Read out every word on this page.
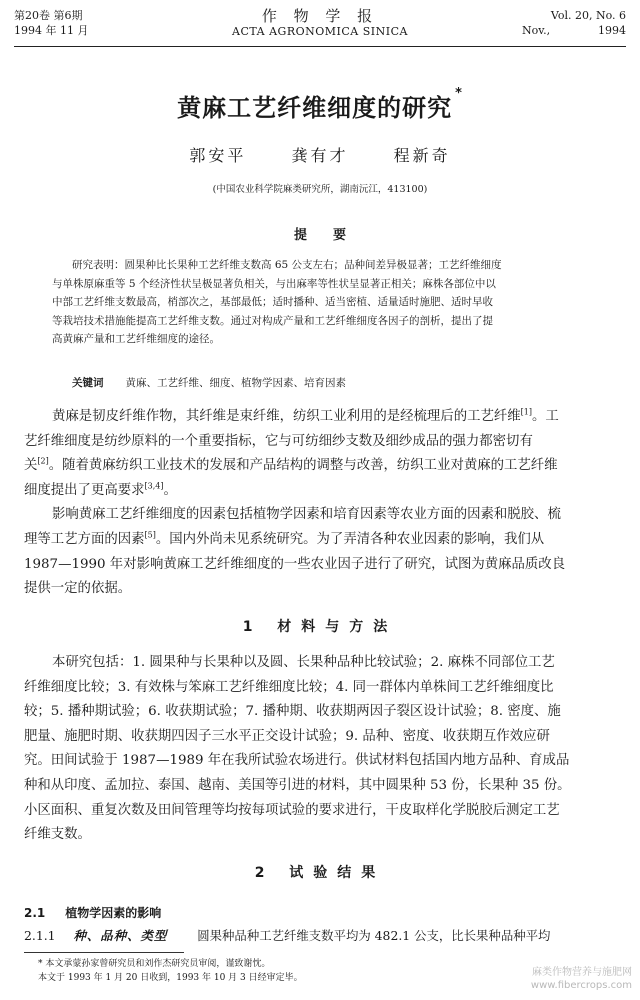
第20卷 第6期
1994 年 11 月
作 物 学 报
ACTA AGRONOMICA SINICA
Vol. 20, No. 6
Nov.,	1994
黄麻工艺纤维细度的研究*
郭安平	龚有才	程新奇
(中国农业科学院麻类研究所，湖南沅江，413100)
提要
研究表明：圆果种比长果种工艺纤维支数高 65 公支左右；品种间差异极显著；工艺纤维细度
与单株原麻重等 5 个经济性状呈极显著负相关，与出麻率等性状呈显著正相关；麻株各部位中以
中部工艺纤维支数最高，梢部次之，基部最低；适时播种、适当密植、适量适时施肥、适时早收
等栽培技术措施能提高工艺纤维支数。通过对构成产量和工艺纤维细度各因子的剖析，提出了提
高黄麻产量和工艺纤维细度的途径。
关键词 黄麻、工艺纤维、细度、植物学因素、培育因素
黄麻是韧皮纤维作物，其纤维是束纤维，纺织工业利用的是经梳理后的工艺纤维[1]。工
艺纤维细度是纺纱原料的一个重要指标，它与可纺细纱支数及细纱成品的强力都密切有
关[2]。随着黄麻纺织工业技术的发展和产品结构的调整与改善，纺织工业对黄麻的工艺纤维
细度提出了更高要求[3,4]。
影响黄麻工艺纤维细度的因素包括植物学因素和培育因素等农业方面的因素和脱胶、梳
理等工艺方面的因素[5]。国内外尚未见系统研究。为了弄清各种农业因素的影响，我们从
1987—1990 年对影响黄麻工艺纤维细度的一些农业因子进行了研究，试图为黄麻品质改良
提供一定的依据。
1 材料与方法
本研究包括：1. 圆果种与长果种以及圆、长果种品种比较试验；2. 麻株不同部位工艺
纤维细度比较；3. 有效株与笨麻工艺纤维细度比较；4. 同一群体内单株间工艺纤维细度比
较；5. 播种期试验；6. 收获期试验；7. 播种期、收获期两因子裂区设计试验；8. 密度、施
肥量、施肥时期、收获期四因子三水平正交设计试验；9. 品种、密度、收获期互作效应研
究。田间试验于 1987—1989 年在我所试验农场进行。供试材料包括国内地方品种、育成品
种和从印度、孟加拉、泰国、越南、美国等引进的材料，其中圆果种 53 份，长果种 35 份。
小区面积、重复次数及田间管理等均按每项试验的要求进行，干皮取样化学脱胶后测定工艺
纤维支数。
2 试验结果
2.1 植物学因素的影响
2.1.1 种、品种、类型 圆果种品种工艺纤维支数平均为 482.1 公支，比长果种品种平均
* 本文承蒙孙家曾研究员和刘作杰研究员审阅，谨致谢忱。
本文于 1993 年 1 月 20 日收到，1993 年 10 月 3 日经审定毕。	麻类作物营养与施肥网
www.fibercrops.com
